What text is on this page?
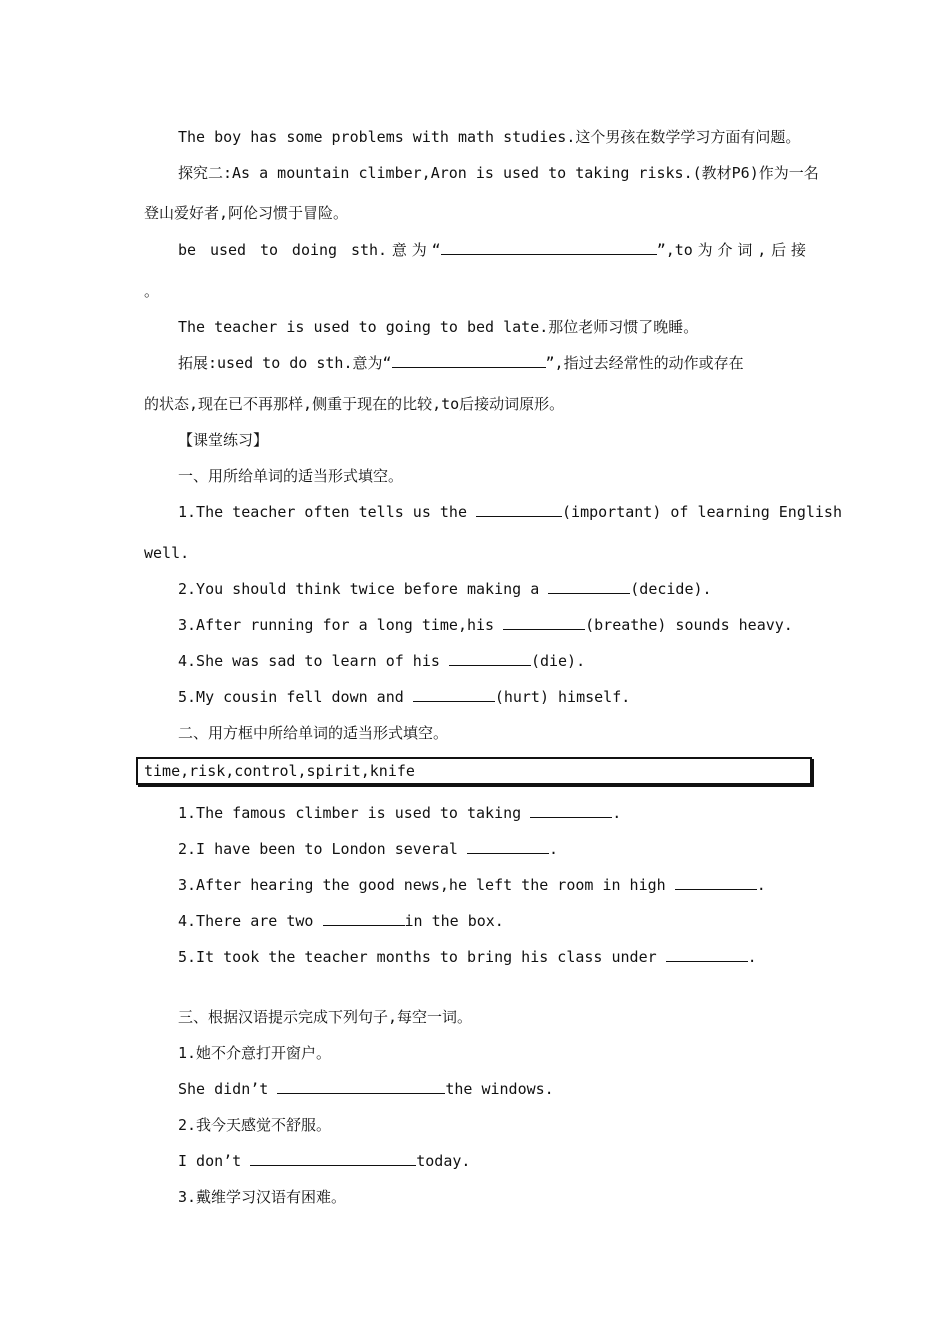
The boy has some problems with math studies.这个男孩在数学学习方面有问题。

探究二:As a mountain climber,Aron is used to taking risks.(教材P6)作为一名

登山爱好者,阿伦习惯于冒险。

be used to doing sth.意为“	”,to为介词,后接

。

The teacher is used to going to bed late.那位老师习惯了晚睡。

拓展:used to do sth.意为“	”,指过去经常性的动作或存在

的状态,现在已不再那样,侧重于现在的比较,to后接动词原形。

【课堂练习】

一、用所给单词的适当形式填空。

1.The teacher often tells us the	(important) of learning English

well.

2.You should think twice before making a	(decide).

3.After running for a long time,his	(breathe) sounds heavy.

4.She was sad to learn of his	(die).

5.My cousin fell down and	(hurt) himself.

二、用方框中所给单词的适当形式填空。

time,risk,control,spirit,knife

1.The famous climber is used to taking	.

2.I have been to London several	.

3.After hearing the good news,he left the room in high	.

4.There are two	in the box.

5.It took the teacher months to bring his class under	.

三、根据汉语提示完成下列句子,每空一词。

1.她不介意打开窗户。

She didn’t	the windows.

2.我今天感觉不舒服。

I don’t	today.

3.戴维学习汉语有困难。
